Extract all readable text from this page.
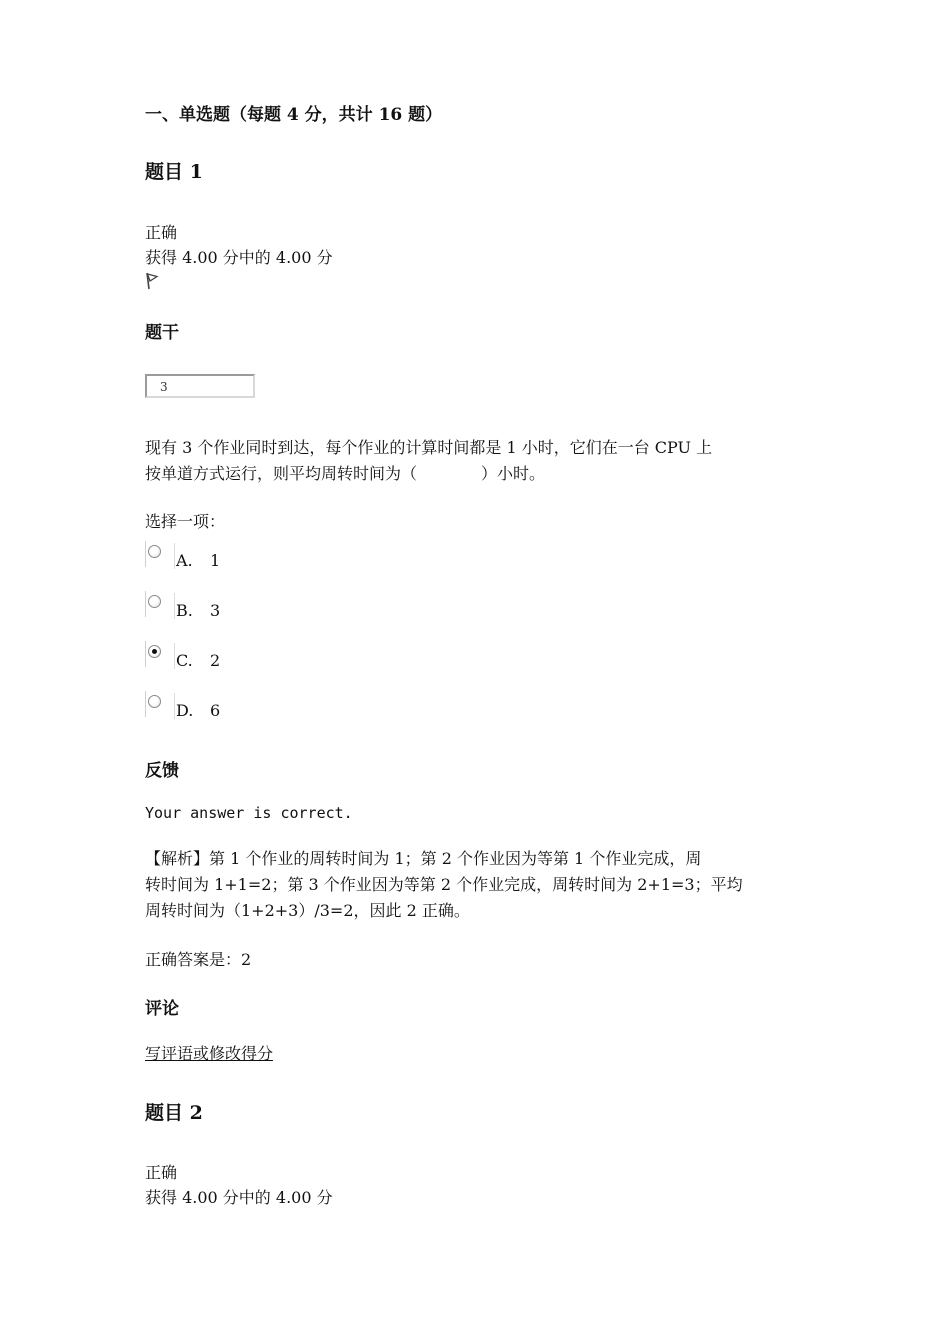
一、单选题（每题 4 分，共计 16 题）
题目 1
正确
获得 4.00 分中的 4.00 分
题干
3
现有 3 个作业同时到达，每个作业的计算时间都是 1 小时，它们在一台 CPU 上
按单道方式运行，则平均周转时间为（　　　　）小时。
选择一项：
A. 1
B. 3
C. 2
D. 6
反馈
Your answer is correct.
【解析】第 1 个作业的周转时间为 1；第 2 个作业因为等第 1 个作业完成，周
转时间为 1+1=2；第 3 个作业因为等第 2 个作业完成，周转时间为 2+1=3；平均
周转时间为（1+2+3）/3=2，因此 2 正确。
正确答案是：2
评论
写评语或修改得分
题目 2
正确
获得 4.00 分中的 4.00 分
